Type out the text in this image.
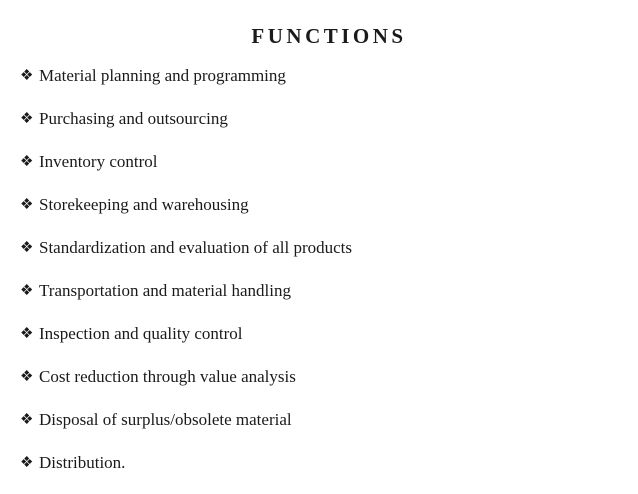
FUNCTIONS
❖ Material planning and programming
❖ Purchasing and outsourcing
❖ Inventory control
❖ Storekeeping and warehousing
❖ Standardization and evaluation of all products
❖ Transportation and material handling
❖ Inspection and quality control
❖ Cost reduction through value analysis
❖ Disposal of surplus/obsolete material
❖ Distribution.
